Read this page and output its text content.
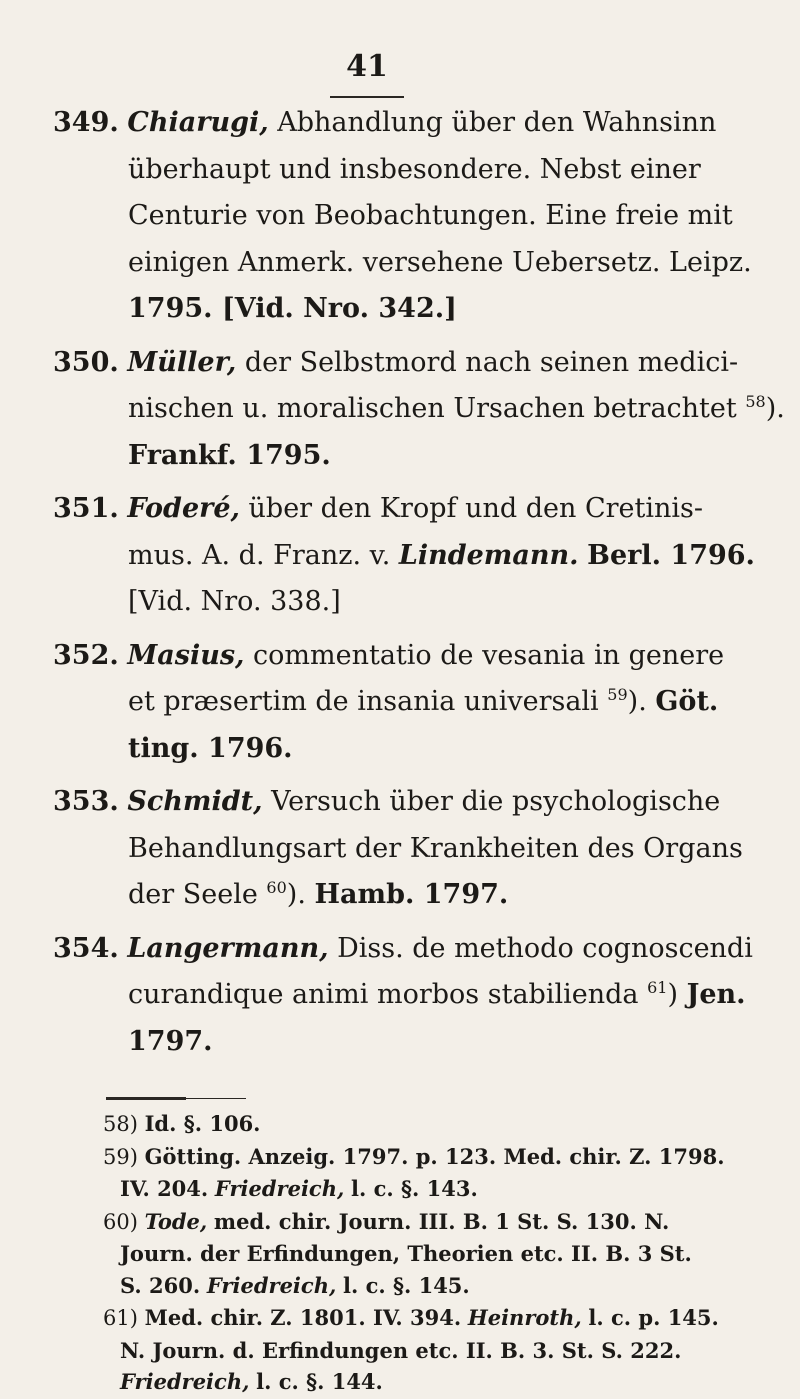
41

349. Chiarugi, Abhandlung über den Wahnsinn
überhaupt und insbesondere. Nebst einer
Centurie von Beobachtungen. Eine freie mit
einigen Anmerk. versehene Uebersetz. Leipz.
1795. [Vid. Nro. 342.]

350. Müller, der Selbstmord nach seinen medici-
nischen u. moralischen Ursachen betrachtet $^{58}$).
Frankf. 1795.

351. Foderé, über den Kropf und den Cretinis-
mus. A. d. Franz. v. Lindemann. Berl. 1796.
[Vid. Nro. 338.]

352. Masius, commentatio de vesania in genere
et præsertim de insania universali $^{59}$). Göt.
ting. 1796.

353. Schmidt, Versuch über die psychologische
Behandlungsart der Krankheiten des Organs
der Seele $^{60}$). Hamb. 1797.

354. Langermann, Diss. de methodo cognoscendi
curandique animi morbos stabilienda $^{61}$) Jen.
1797.

58) Id. §. 106.
59) Götting. Anzeig. 1797. p. 123. Med. chir. Z. 1798.
IV. 204. Friedreich, l. c. §. 143.
60) Tode, med. chir. Journ. III. B. 1 St. S. 130. N.
Journ. der Erfindungen, Theorien etc. II. B. 3 St.
S. 260. Friedreich, l. c. §. 145.
61) Med. chir. Z. 1801. IV. 394. Heinroth, l. c. p. 145.
N. Journ. d. Erfindungen etc. II. B. 3. St. S. 222.
Friedreich, l. c. §. 144.
